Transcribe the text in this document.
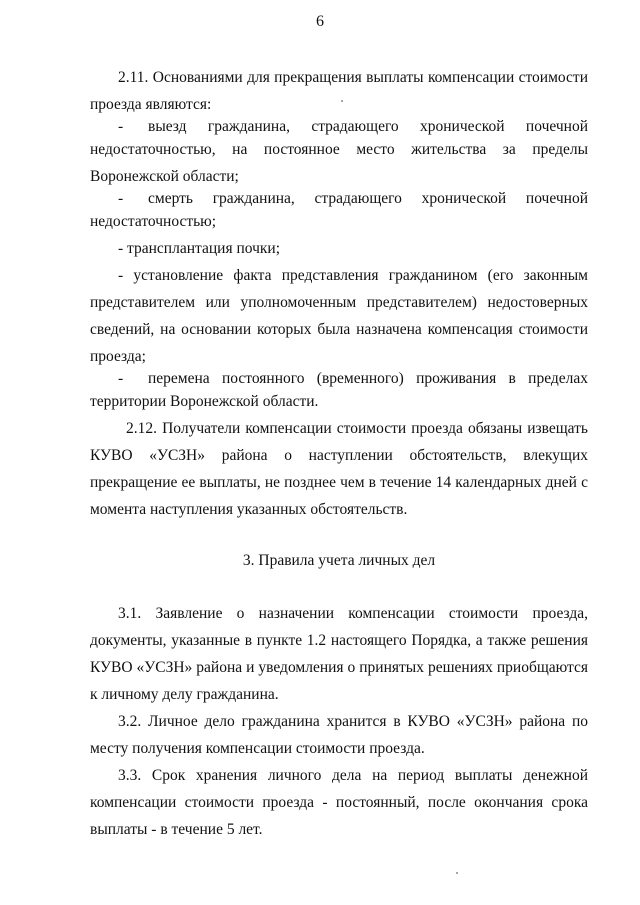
6

2.11. Основаниями для прекращения выплаты компенсации стоимости проезда являются:

-	выезд гражданина, страдающего хронической почечной

недостаточностью, на постоянное место жительства за пределы Воронежской области;

-	смерть гражданина, страдающего хронической почечной

недостаточностью;

- трансплантация почки;

- установление факта представления гражданином (его законным представителем или уполномоченным представителем) недостоверных сведений, на основании которых была назначена компенсация стоимости проезда;

-	перемена постоянного (временного) проживания в пределах

территории Воронежской области.

2.12. Получатели компенсации стоимости проезда обязаны извещать КУВО «УСЗН» района о наступлении обстоятельств, влекущих прекращение ее выплаты, не позднее чем в течение 14 календарных дней с момента наступления указанных обстоятельств.

3. Правила учета личных дел

3.1. Заявление о назначении компенсации стоимости проезда, документы, указанные в пункте 1.2 настоящего Порядка, а также решения КУВО «УСЗН» района и уведомления о принятых решениях приобщаются к личному делу гражданина.

3.2. Личное дело гражданина хранится в КУВО «УСЗН» района по месту получения компенсации стоимости проезда.

3.3. Срок хранения личного дела на период выплаты денежной компенсации стоимости проезда - постоянный, после окончания срока выплаты - в течение 5 лет.
